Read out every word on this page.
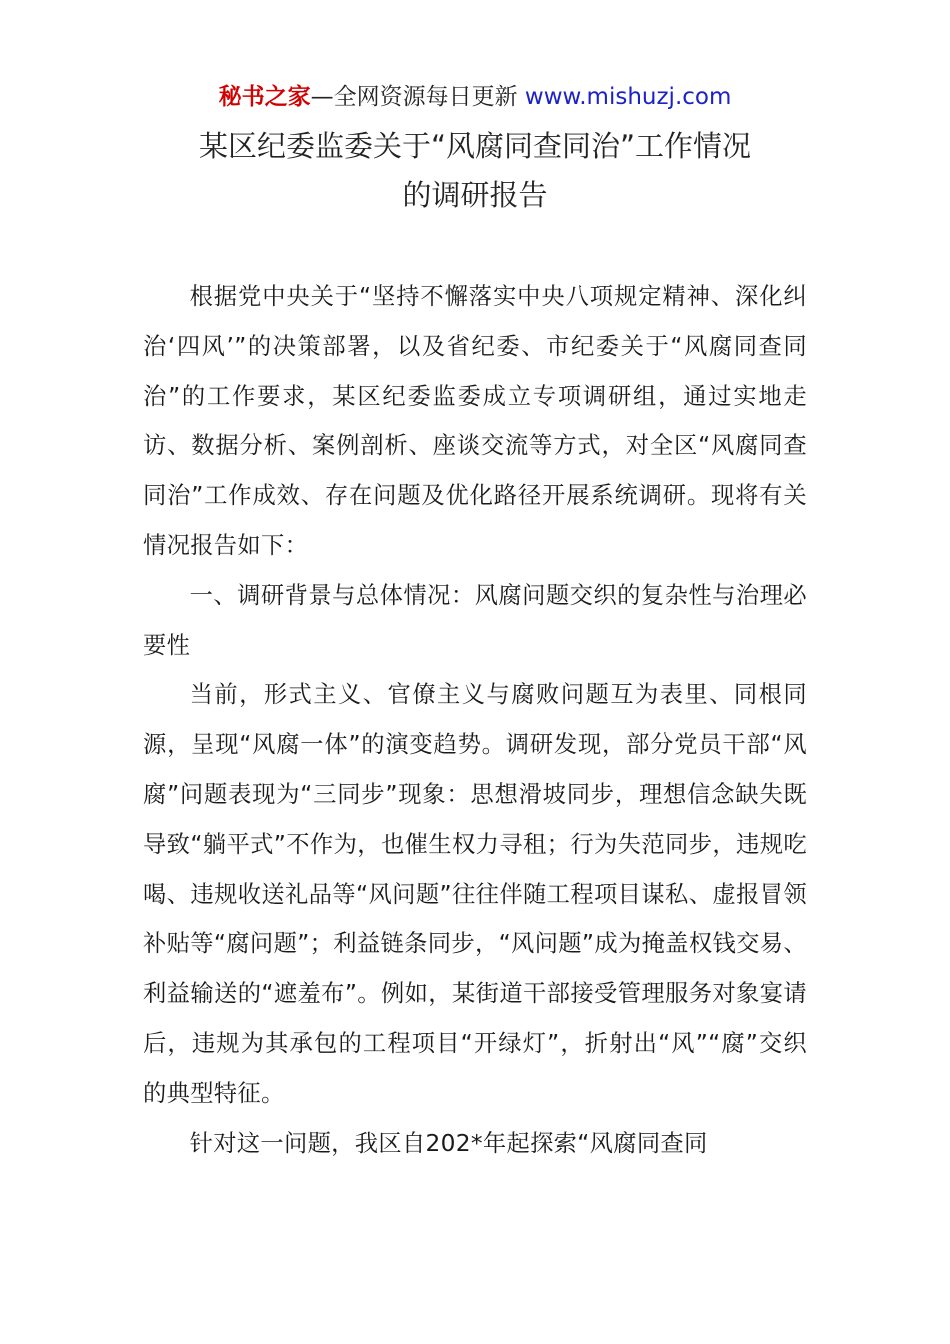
秘书之家—全网资源每日更新 www.mishuzj.com
某区纪委监委关于“风腐同查同治”工作情况
的调研报告

根据党中央关于“坚持不懈落实中央八项规定精神、深化纠治‘四风’”的决策部署，以及省纪委、市纪委关于“风腐同查同治”的工作要求，某区纪委监委成立专项调研组，通过实地走访、数据分析、案例剖析、座谈交流等方式，对全区“风腐同查同治”工作成效、存在问题及优化路径开展系统调研。现将有关情况报告如下：

一、调研背景与总体情况：风腐问题交织的复杂性与治理必要性

当前，形式主义、官僚主义与腐败问题互为表里、同根同源，呈现“风腐一体”的演变趋势。调研发现，部分党员干部“风腐”问题表现为“三同步”现象：思想滑坡同步，理想信念缺失既导致“躺平式”不作为，也催生权力寻租；行为失范同步，违规吃喝、违规收送礼品等“风问题”往往伴随工程项目谋私、虚报冒领补贴等“腐问题”；利益链条同步，“风问题”成为掩盖权钱交易、利益输送的“遮羞布”。例如，某街道干部接受管理服务对象宴请后，违规为其承包的工程项目“开绿灯”，折射出“风”“腐”交织的典型特征。

针对这一问题，我区自202*年起探索“风腐同查同
